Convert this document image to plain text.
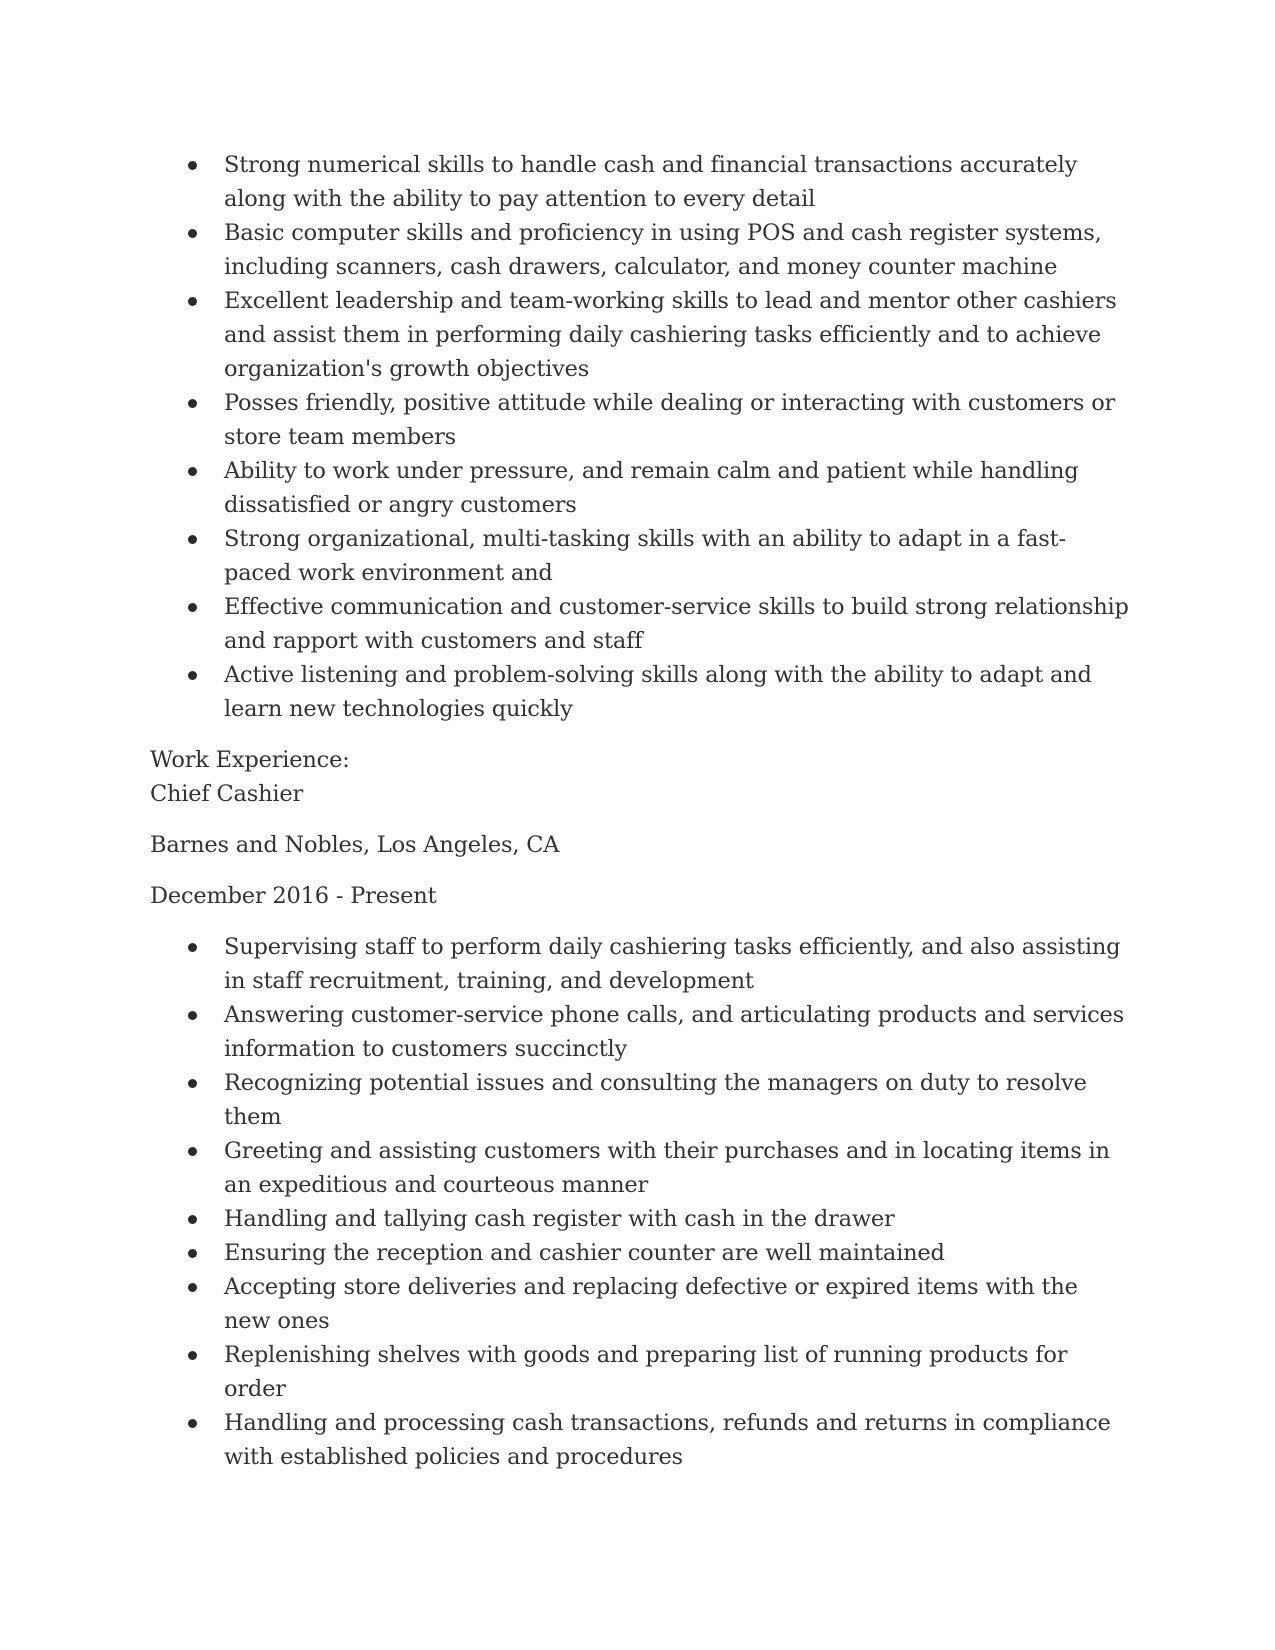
Strong numerical skills to handle cash and financial transactions accurately along with the ability to pay attention to every detail
Basic computer skills and proficiency in using POS and cash register systems, including scanners, cash drawers, calculator, and money counter machine
Excellent leadership and team-working skills to lead and mentor other cashiers and assist them in performing daily cashiering tasks efficiently and to achieve organization's growth objectives
Posses friendly, positive attitude while dealing or interacting with customers or store team members
Ability to work under pressure, and remain calm and patient while handling dissatisfied or angry customers
Strong organizational, multi-tasking skills with an ability to adapt in a fast-paced work environment and
Effective communication and customer-service skills to build strong relationship and rapport with customers and staff
Active listening and problem-solving skills along with the ability to adapt and learn new technologies quickly

Work Experience:

Chief Cashier

Barnes and Nobles, Los Angeles, CA

December 2016 - Present

Supervising staff to perform daily cashiering tasks efficiently, and also assisting in staff recruitment, training, and development
Answering customer-service phone calls, and articulating products and services information to customers succinctly
Recognizing potential issues and consulting the managers on duty to resolve them
Greeting and assisting customers with their purchases and in locating items in an expeditious and courteous manner
Handling and tallying cash register with cash in the drawer
Ensuring the reception and cashier counter are well maintained
Accepting store deliveries and replacing defective or expired items with the new ones
Replenishing shelves with goods and preparing list of running products for order
Handling and processing cash transactions, refunds and returns in compliance with established policies and procedures
